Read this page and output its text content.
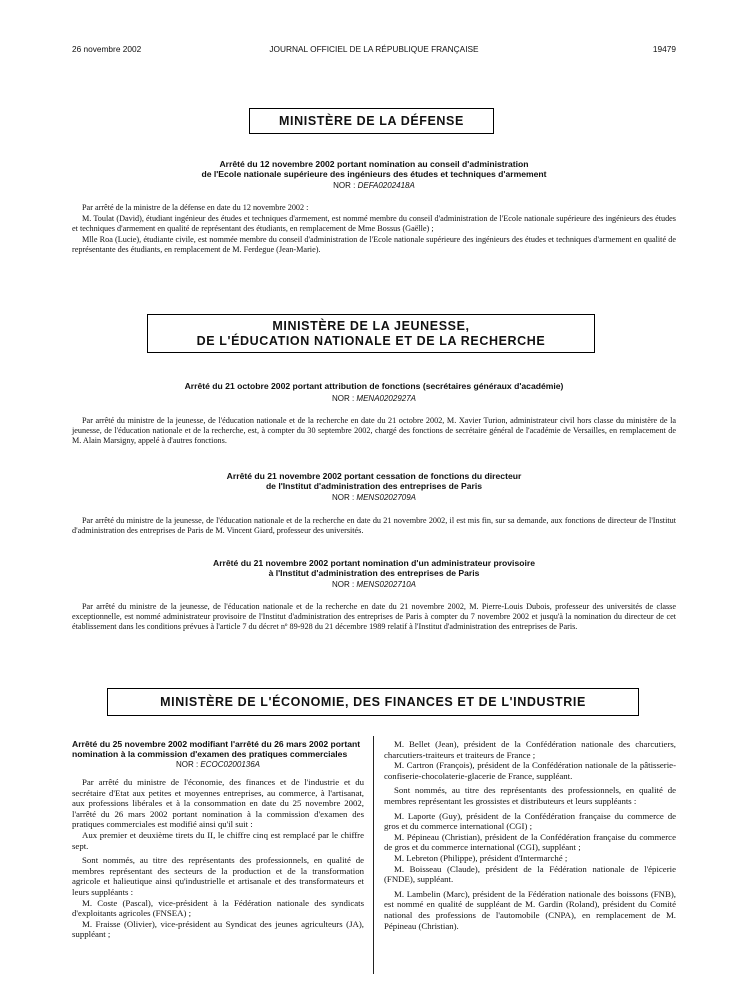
26 novembre 2002	JOURNAL OFFICIEL DE LA RÉPUBLIQUE FRANÇAISE	19479
MINISTÈRE DE LA DÉFENSE
Arrêté du 12 novembre 2002 portant nomination au conseil d'administration
de l'Ecole nationale supérieure des ingénieurs des études et techniques d'armement
NOR : DEFA0202418A

Par arrêté de la ministre de la défense en date du 12 novembre 2002 :

M. Toulat (David), étudiant ingénieur des études et techniques d'armement, est nommé membre du conseil d'administration de l'Ecole nationale supérieure des ingénieurs des études et techniques d'armement en qualité de représentant des étudiants, en remplacement de Mme Bossus (Gaëlle) ;

Mlle Roa (Lucie), étudiante civile, est nommée membre du conseil d'administration de l'Ecole nationale supérieure des ingénieurs des études et techniques d'armement en qualité de représentante des étudiants, en remplacement de M. Ferdegue (Jean-Marie).

MINISTÈRE DE LA JEUNESSE,
DE L'ÉDUCATION NATIONALE ET DE LA RECHERCHE
Arrêté du 21 octobre 2002 portant attribution de fonctions (secrétaires généraux d'académie)
NOR : MENA0202927A

Par arrêté du ministre de la jeunesse, de l'éducation nationale et de la recherche en date du 21 octobre 2002, M. Xavier Turion, administrateur civil hors classe du ministère de la jeunesse, de l'éducation nationale et de la recherche, est, à compter du 30 septembre 2002, chargé des fonctions de secrétaire général de l'académie de Versailles, en remplacement de M. Alain Marsigny, appelé à d'autres fonctions.

Arrêté du 21 novembre 2002 portant cessation de fonctions du directeur
de l'Institut d'administration des entreprises de Paris
NOR : MENS0202709A

Par arrêté du ministre de la jeunesse, de l'éducation nationale et de la recherche en date du 21 novembre 2002, il est mis fin, sur sa demande, aux fonctions de directeur de l'Institut d'administration des entreprises de Paris de M. Vincent Giard, professeur des universités.

Arrêté du 21 novembre 2002 portant nomination d'un administrateur provisoire
à l'Institut d'administration des entreprises de Paris
NOR : MENS0202710A

Par arrêté du ministre de la jeunesse, de l'éducation nationale et de la recherche en date du 21 novembre 2002, M. Pierre-Louis Dubois, professeur des universités de classe exceptionnelle, est nommé administrateur provisoire de l'Institut d'administration des entreprises de Paris à compter du 7 novembre 2002 et jusqu'à la nomination du directeur de cet établissement dans les conditions prévues à l'article 7 du décret nº 89-928 du 21 décembre 1989 relatif à l'Institut d'administration des entreprises de Paris.

MINISTÈRE DE L'ÉCONOMIE, DES FINANCES ET DE L'INDUSTRIE

Arrêté du 25 novembre 2002 modifiant l'arrêté du 26 mars 2002 portant nomination à la commission d'examen des pratiques commerciales

NOR : ECOC0200136A

Par arrêté du ministre de l'économie, des finances et de l'industrie et du secrétaire d'Etat aux petites et moyennes entreprises, au commerce, à l'artisanat, aux professions libérales et à la consommation en date du 25 novembre 2002, l'arrêté du 26 mars 2002 portant nomination à la commission d'examen des pratiques commerciales est modifié ainsi qu'il suit :

Aux premier et deuxième tirets du II, le chiffre cinq est remplacé par le chiffre sept.

Sont nommés, au titre des représentants des professionnels, en qualité de membres représentant des secteurs de la production et de la transformation agricole et halieutique ainsi qu'industrielle et artisanale et des transformateurs et leurs suppléants :

M. Coste (Pascal), vice-président à la Fédération nationale des syndicats d'exploitants agricoles (FNSEA) ;

M. Fraisse (Olivier), vice-président au Syndicat des jeunes agriculteurs (JA), suppléant ;

M. Bellet (Jean), président de la Confédération nationale des charcutiers, charcutiers-traiteurs et traiteurs de France ;

M. Cartron (François), président de la Confédération nationale de la pâtisserie-confiserie-chocolaterie-glacerie de France, suppléant.

Sont nommés, au titre des représentants des professionnels, en qualité de membres représentant les grossistes et distributeurs et leurs suppléants :

M. Laporte (Guy), président de la Confédération française du commerce de gros et du commerce international (CGI) ;

M. Pépineau (Christian), président de la Confédération française du commerce de gros et du commerce international (CGI), suppléant ;

M. Lebreton (Philippe), président d'Intermarché ;

M. Boisseau (Claude), président de la Fédération nationale de l'épicerie (FNDE), suppléant.

M. Lambelin (Marc), président de la Fédération nationale des boissons (FNB), est nommé en qualité de suppléant de M. Gardin (Roland), président du Comité national des professions de l'automobile (CNPA), en remplacement de M. Pépineau (Christian).
